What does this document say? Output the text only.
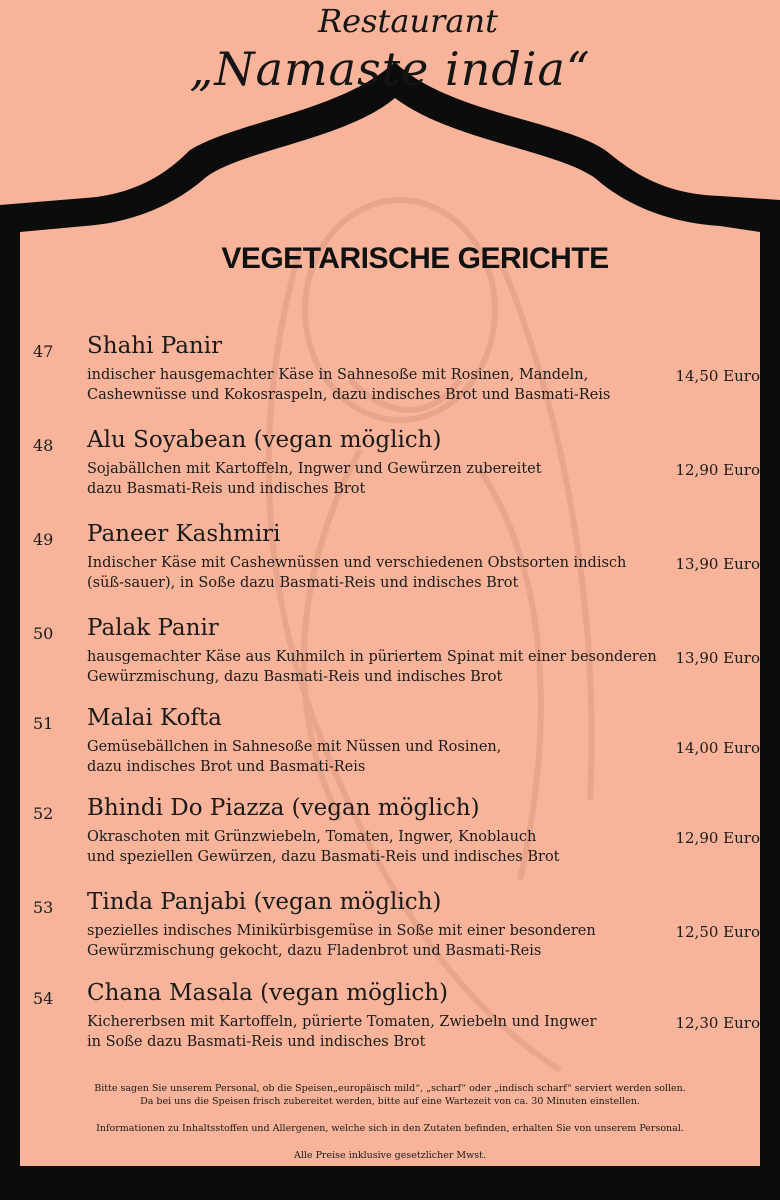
Restaurant
„Namaste india“
VEGETARISCHE GERICHTE
47 Shahi Panir
indischer hausgemachter Käse in Sahnesoße mit Rosinen, Mandeln,
Cashewnüsse und Kokosraspeln, dazu indisches Brot und Basmati-Reis
14,50 Euro
48 Alu Soyabean (vegan möglich)
Sojabällchen mit Kartoffeln, Ingwer und Gewürzen zubereitet
dazu Basmati-Reis und indisches Brot
12,90 Euro
49 Paneer Kashmiri
Indischer Käse mit Cashewnüssen und verschiedenen Obstsorten indisch
(süß-sauer), in Soße dazu Basmati-Reis und indisches Brot
13,90 Euro
50 Palak Panir
hausgemachter Käse aus Kuhmilch in püriertem Spinat mit einer besonderen
Gewürzmischung, dazu Basmati-Reis und indisches Brot
13,90 Euro
51 Malai Kofta
Gemüsebällchen in Sahnesoße mit Nüssen und Rosinen,
dazu indisches Brot und Basmati-Reis
14,00 Euro
52 Bhindi Do Piazza (vegan möglich)
Okraschoten mit Grünzwiebeln, Tomaten, Ingwer, Knoblauch
und speziellen Gewürzen, dazu Basmati-Reis und indisches Brot
12,90 Euro
53 Tinda Panjabi (vegan möglich)
spezielles indisches Minikürbisgemüse in Soße mit einer besonderen
Gewürzmischung gekocht, dazu Fladenbrot und Basmati-Reis
12,50 Euro
54 Chana Masala (vegan möglich)
Kichererbsen mit Kartoffeln, pürierte Tomaten, Zwiebeln und Ingwer
in Soße dazu Basmati-Reis und indisches Brot
12,30 Euro

Bitte sagen Sie unserem Personal, ob die Speisen„europäisch mild“, „scharf“ oder „indisch scharf“ serviert werden sollen.
Da bei uns die Speisen frisch zubereitet werden, bitte auf eine Wartezeit von ca. 30 Minuten einstellen.

Informationen zu Inhaltsstoffen und Allergenen, welche sich in den Zutaten befinden, erhalten Sie von unserem Personal.

Alle Preise inklusive gesetzlicher Mwst.
